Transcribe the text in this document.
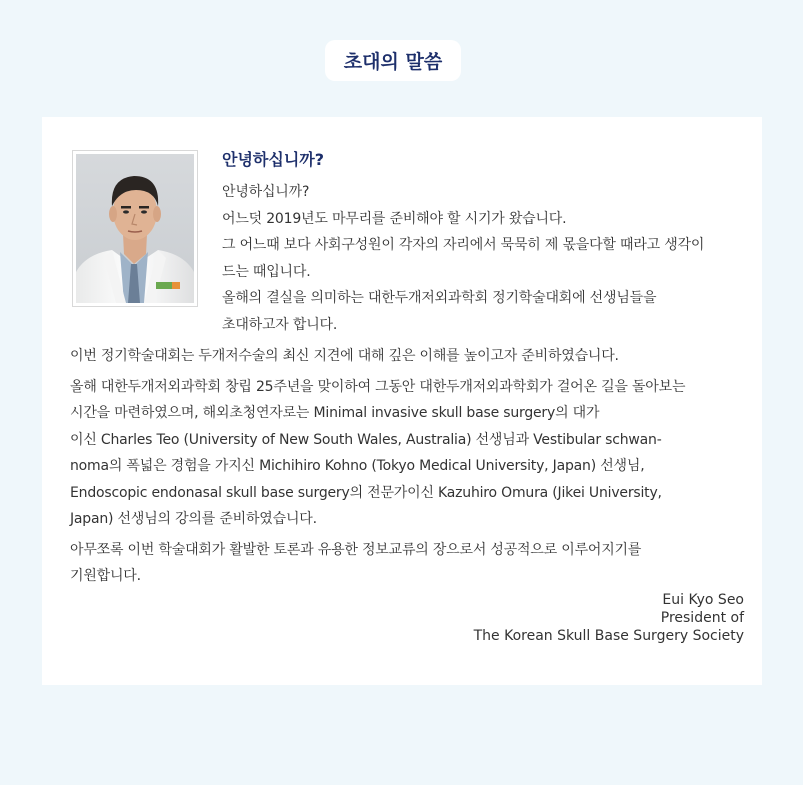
초대의 말씀
안녕하십니까?
안녕하십니까?
어느덧 2019년도 마무리를 준비해야 할 시기가 왔습니다.
그 어느때 보다 사회구성원이 각자의 자리에서 묵묵히 제 몫을다할 때라고 생각이
드는 때입니다.
올해의 결실을 의미하는 대한두개저외과학회 정기학술대회에 선생님들을
초대하고자 합니다.
이번 정기학술대회는 두개저수술의 최신 지견에 대해 깊은 이해를 높이고자 준비하였습니다.
올해 대한두개저외과학회 창립 25주년을 맞이하여 그동안 대한두개저외과학회가 걸어온 길을 돌아보는
시간을 마련하였으며, 해외초청연자로는 Minimal invasive skull base surgery의 대가
이신 Charles Teo (University of New South Wales, Australia) 선생님과 Vestibular schwan-
noma의 폭넓은 경험을 가지신 Michihiro Kohno (Tokyo Medical University, Japan) 선생님,
Endoscopic endonasal skull base surgery의 전문가이신 Kazuhiro Omura (Jikei University,
Japan) 선생님의 강의를 준비하였습니다.
아무쪼록 이번 학술대회가 활발한 토론과 유용한 정보교류의 장으로서 성공적으로 이루어지기를
기원합니다.
Eui Kyo Seo
President of
The Korean Skull Base Surgery Society
